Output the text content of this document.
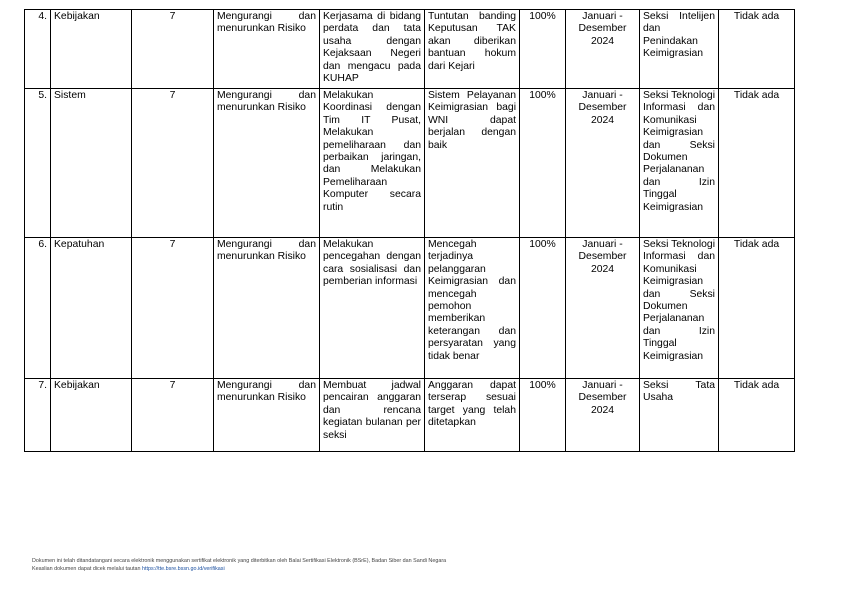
4.	Kebijakan	7	Mengurangi dan menurunkan Risiko	Kerjasama di bidang perdata dan tata usaha dengan Kejaksaan Negeri dan mengacu pada KUHAP	Tuntutan banding Keputusan TAK akan diberikan bantuan hokum dari Kejari	100%	Januari - Desember 2024	Seksi Intelijen dan Penindakan Keimigrasian	Tidak ada
5.	Sistem	7	Mengurangi dan menurunkan Risiko	Melakukan Koordinasi dengan Tim IT Pusat, Melakukan pemeliharaan dan perbaikan jaringan, dan Melakukan Pemeliharaan Komputer secara rutin	Sistem Pelayanan Keimigrasian bagi WNI dapat berjalan dengan baik	100%	Januari - Desember 2024	Seksi Teknologi Informasi dan Komunikasi Keimigrasian dan Seksi Dokumen Perjalananan dan Izin Tinggal Keimigrasian	Tidak ada
6.	Kepatuhan	7	Mengurangi dan menurunkan Risiko	Melakukan pencegahan dengan cara sosialisasi dan pemberian informasi	Mencegah terjadinya pelanggaran Keimigrasian dan mencegah pemohon memberikan keterangan dan persyaratan yang tidak benar	100%	Januari - Desember 2024	Seksi Teknologi Informasi dan Komunikasi Keimigrasian dan Seksi Dokumen Perjalananan dan Izin Tinggal Keimigrasian	Tidak ada
7.	Kebijakan	7	Mengurangi dan menurunkan Risiko	Membuat jadwal pencairan anggaran dan rencana kegiatan bulanan per seksi	Anggaran dapat terserap sesuai target yang telah ditetapkan	100%	Januari - Desember 2024	Seksi Tata Usaha	Tidak ada
Dokumen ini telah ditandatangani secara elektronik menggunakan sertifikat elektronik yang diterbitkan oleh Balai Sertifikasi Elektronik (BSrE), Badan Siber dan Sandi Negara
Keaslian dokumen dapat dicek melalui tautan https://tte.bsre.bssn.go.id/verifikasi
